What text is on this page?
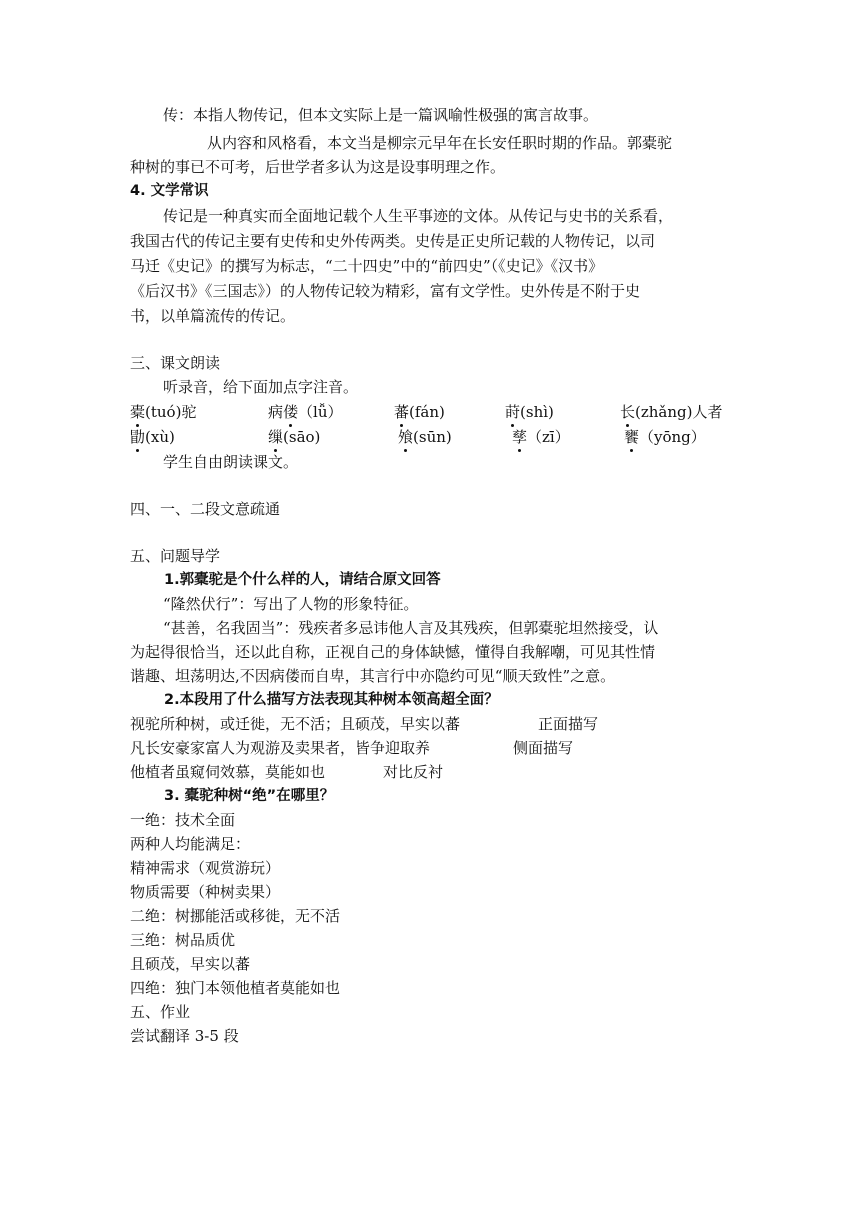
传：本指人物传记，但本文实际上是一篇讽喻性极强的寓言故事。
从内容和风格看，本文当是柳宗元早年在长安任职时期的作品。郭橐驼
种树的事已不可考，后世学者多认为这是设事明理之作。
4. 文学常识
传记是一种真实而全面地记载个人生平事迹的文体。从传记与史书的关系看，
我国古代的传记主要有史传和史外传两类。史传是正史所记载的人物传记，以司
马迁《史记》的撰写为标志，“二十四史”中的“前四史”（《史记》《汉书》
《后汉书》《三国志》）的人物传记较为精彩，富有文学性。史外传是不附于史
书，以单篇流传的传记。
三、课文朗读
听录音，给下面加点字注音。
橐(tuó)驼	病偻（lǚ）	蕃(fán)	莳(shì)	长(zhǎng)人者
勖(xù)	缫(sāo)	飧(sūn)	孳（zī）	饔（yōng）
学生自由朗读课文。
四、一、二段文意疏通
五、问题导学
1.郭橐驼是个什么样的人，请结合原文回答
“隆然伏行”：写出了人物的形象特征。
“甚善，名我固当”：残疾者多忌讳他人言及其残疾，但郭橐驼坦然接受，认
为起得很恰当，还以此自称，正视自己的身体缺憾，懂得自我解嘲，可见其性情
谐趣、坦荡明达,不因病偻而自卑，其言行中亦隐约可见“顺天致性”之意。
2.本段用了什么描写方法表现其种树本领高超全面？
视驼所种树，或迁徙，无不活；且硕茂，早实以蕃	正面描写
凡长安豪家富人为观游及卖果者，皆争迎取养	侧面描写
他植者虽窥伺效慕，莫能如也	对比反衬
3. 橐驼种树“绝”在哪里？
一绝：技术全面
两种人均能满足：
精神需求（观赏游玩）
物质需要（种树卖果）
二绝：树挪能活或移徙，无不活
三绝：树品质优
且硕茂，早实以蕃
四绝：独门本领他植者莫能如也
五、作业
尝试翻译 3-5 段
